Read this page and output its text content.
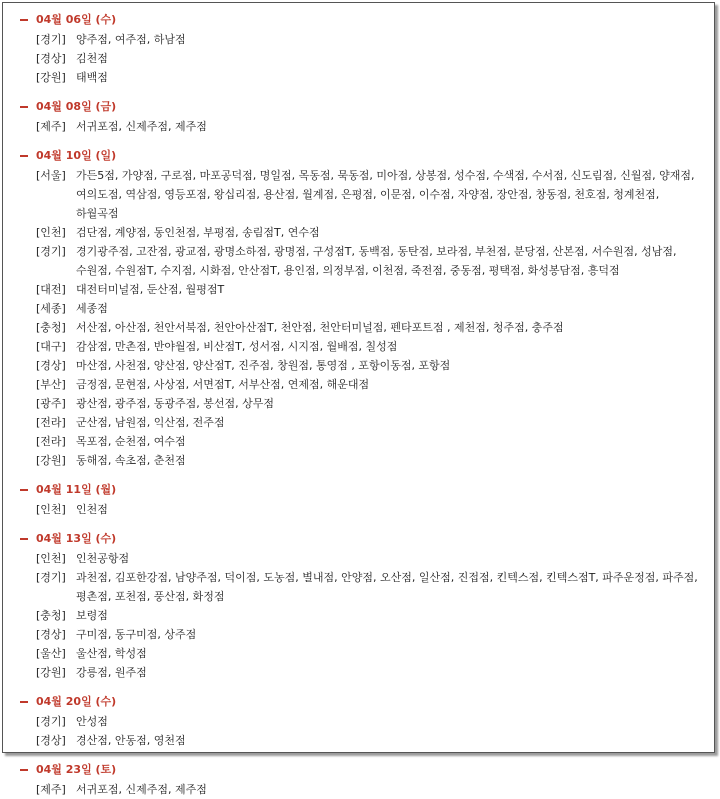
04월 06일 (수)
[경기] 양주점, 여주점, 하남점
[경상] 김천점
[강원] 태백점
04월 08일 (금)
[제주] 서귀포점, 신제주점, 제주점
04월 10일 (일)
[서울] 가든5점, 가양점, 구로점, 마포공덕점, 명일점, 목동점, 묵동점, 미아점, 상봉점, 성수점, 수색점, 수서점, 신도림점, 신월점, 양재점, 여의도점, 역삼점, 영등포점, 왕십리점, 용산점, 월계점, 은평점, 이문점, 이수점, 자양점, 장안점, 창동점, 천호점, 청계천점, 하월곡점
[인천] 검단점, 계양점, 동인천점, 부평점, 송림점T, 연수점
[경기] 경기광주점, 고잔점, 광교점, 광명소하점, 광명점, 구성점T, 동백점, 동탄점, 보라점, 부천점, 분당점, 산본점, 서수원점, 성남점, 수원점, 수원점T, 수지점, 시화점, 안산점T, 용인점, 의정부점, 이천점, 죽전점, 중동점, 평택점, 화성봉담점, 흥덕점
[대전] 대전터미널점, 둔산점, 월평점T
[세종] 세종점
[충청] 서산점, 아산점, 천안서북점, 천안아산점T, 천안점, 천안터미널점, 펜타포트점 , 제천점, 청주점, 충주점
[대구] 감삼점, 만촌점, 반야월점, 비산점T, 성서점, 시지점, 월배점, 칠성점
[경상] 마산점, 사천점, 양산점, 양산점T, 진주점, 창원점, 통영점 , 포항이동점, 포항점
[부산] 금정점, 문현점, 사상점, 서면점T, 서부산점, 연제점, 해운대점
[광주] 광산점, 광주점, 동광주점, 봉선점, 상무점
[전라] 군산점, 남원점, 익산점, 전주점
[전라] 목포점, 순천점, 여수점
[강원] 동해점, 속초점, 춘천점
04월 11일 (월)
[인천] 인천점
04월 13일 (수)
[인천] 인천공항점
[경기] 과천점, 김포한강점, 남양주점, 덕이점, 도농점, 별내점, 안양점, 오산점, 일산점, 진접점, 킨텍스점, 킨텍스점T, 파주운정점, 파주점, 평촌점, 포천점, 풍산점, 화정점
[충청] 보령점
[경상] 구미점, 동구미점, 상주점
[울산] 울산점, 학성점
[강원] 강릉점, 원주점
04월 20일 (수)
[경기] 안성점
[경상] 경산점, 안동점, 영천점
04월 23일 (토)
[제주] 서귀포점, 신제주점, 제주점
